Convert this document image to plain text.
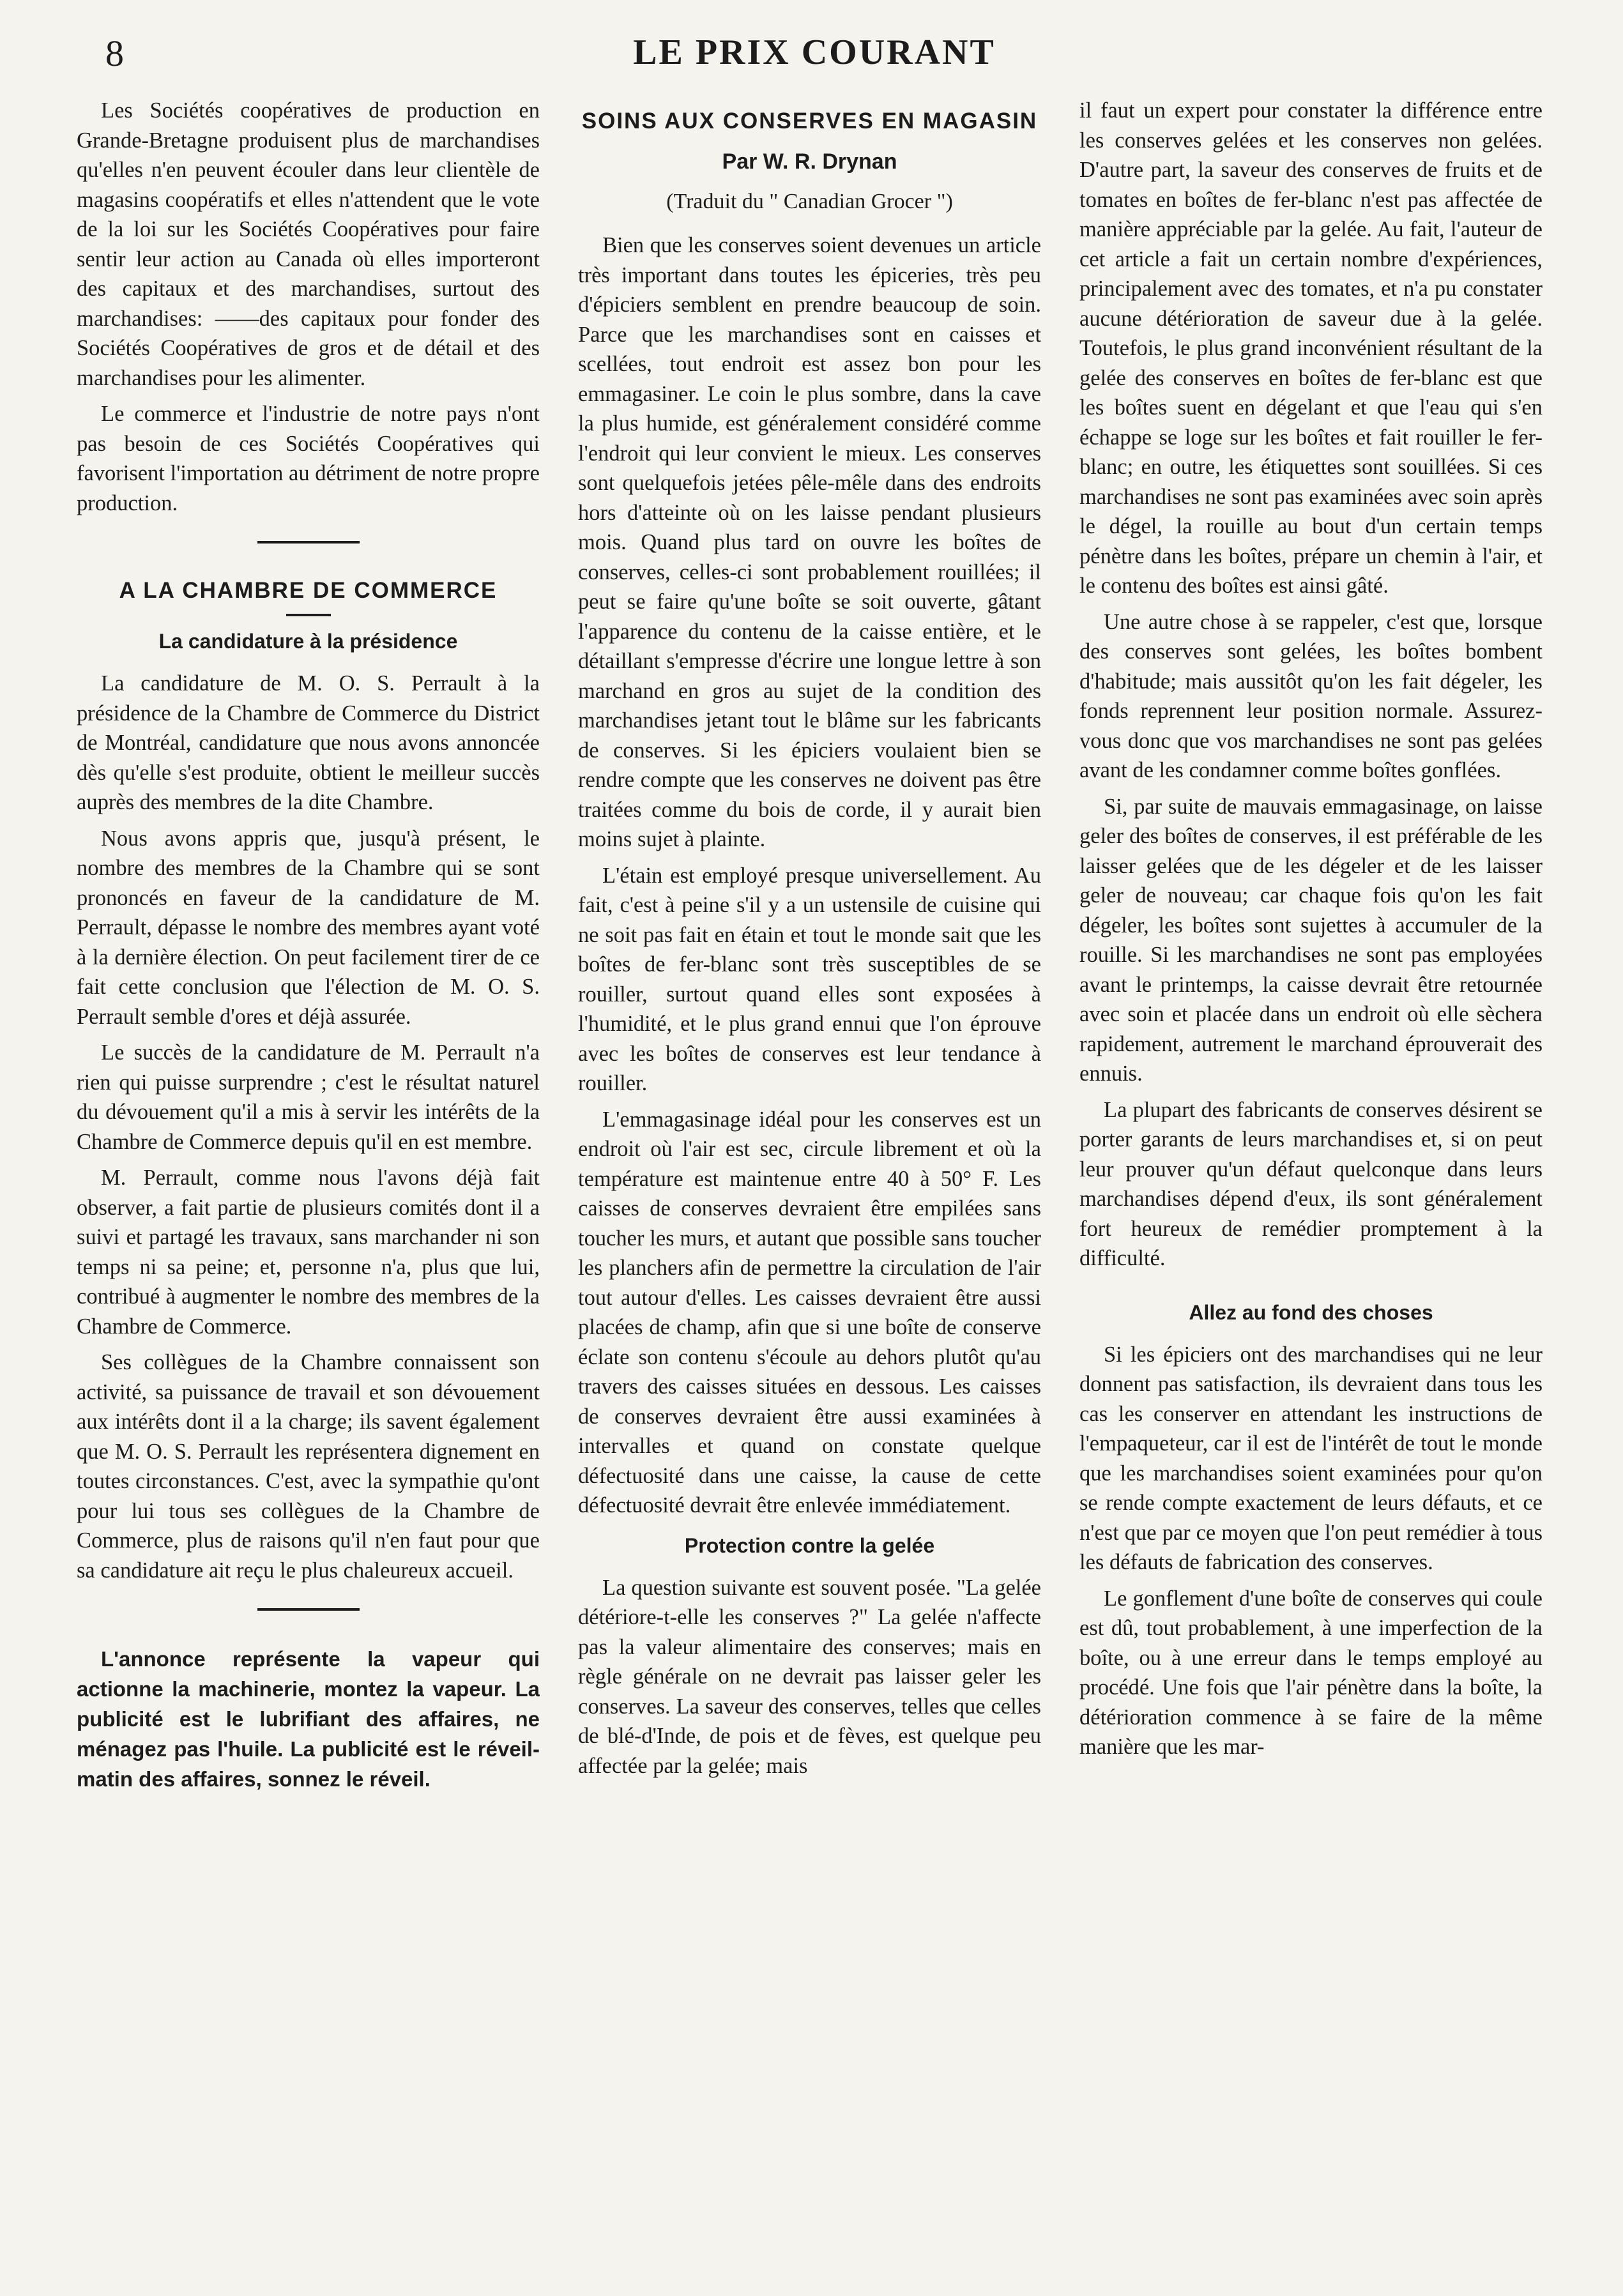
8	LE PRIX COURANT

Les Sociétés coopératives de production en Grande-Bretagne produisent plus de marchandises qu'elles n'en peuvent écouler dans leur clientèle de magasins coopératifs et elles n'attendent que le vote de la loi sur les Sociétés Coopératives pour faire sentir leur action au Canada où elles importeront des capitaux et des marchandises, surtout des marchandises: ——des capitaux pour fonder des Sociétés Coopératives de gros et de détail et des marchandises pour les alimenter.

Le commerce et l'industrie de notre pays n'ont pas besoin de ces Sociétés Coopératives qui favorisent l'importation au détriment de notre propre production.

A LA CHAMBRE DE COMMERCE
La candidature à la présidence

La candidature de M. O. S. Perrault à la présidence de la Chambre de Commerce du District de Montréal, candidature que nous avons annoncée dès qu'elle s'est produite, obtient le meilleur succès auprès des membres de la dite Chambre.

Nous avons appris que, jusqu'à présent, le nombre des membres de la Chambre qui se sont prononcés en faveur de la candidature de M. Perrault, dépasse le nombre des membres ayant voté à la dernière élection. On peut facilement tirer de ce fait cette conclusion que l'élection de M. O. S. Perrault semble d'ores et déjà assurée.

Le succès de la candidature de M. Perrault n'a rien qui puisse surprendre ; c'est le résultat naturel du dévouement qu'il a mis à servir les intérêts de la Chambre de Commerce depuis qu'il en est membre.

M. Perrault, comme nous l'avons déjà fait observer, a fait partie de plusieurs comités dont il a suivi et partagé les travaux, sans marchander ni son temps ni sa peine; et, personne n'a, plus que lui, contribué à augmenter le nombre des membres de la Chambre de Commerce.

Ses collègues de la Chambre connaissent son activité, sa puissance de travail et son dévouement aux intérêts dont il a la charge; ils savent également que M. O. S. Perrault les représentera dignement en toutes circonstances. C'est, avec la sympathie qu'ont pour lui tous ses collègues de la Chambre de Commerce, plus de raisons qu'il n'en faut pour que sa candidature ait reçu le plus chaleureux accueil.

L'annonce représente la vapeur qui actionne la machinerie, montez la vapeur. La publicité est le lubrifiant des affaires, ne ménagez pas l'huile. La publicité est le réveil-matin des affaires, sonnez le réveil.

SOINS AUX CONSERVES EN MAGASIN
Par W. R. Drynan
(Traduit du " Canadian Grocer ")

Bien que les conserves soient devenues un article très important dans toutes les épiceries, très peu d'épiciers semblent en prendre beaucoup de soin. Parce que les marchandises sont en caisses et scellées, tout endroit est assez bon pour les emmagasiner. Le coin le plus sombre, dans la cave la plus humide, est généralement considéré comme l'endroit qui leur convient le mieux. Les conserves sont quelquefois jetées pêle-mêle dans des endroits hors d'atteinte où on les laisse pendant plusieurs mois. Quand plus tard on ouvre les boîtes de conserves, celles-ci sont probablement rouillées; il peut se faire qu'une boîte se soit ouverte, gâtant l'apparence du contenu de la caisse entière, et le détaillant s'empresse d'écrire une longue lettre à son marchand en gros au sujet de la condition des marchandises jetant tout le blâme sur les fabricants de conserves. Si les épiciers voulaient bien se rendre compte que les conserves ne doivent pas être traitées comme du bois de corde, il y aurait bien moins sujet à plainte.

L'étain est employé presque universellement. Au fait, c'est à peine s'il y a un ustensile de cuisine qui ne soit pas fait en étain et tout le monde sait que les boîtes de fer-blanc sont très susceptibles de se rouiller, surtout quand elles sont exposées à l'humidité, et le plus grand ennui que l'on éprouve avec les boîtes de conserves est leur tendance à rouiller.

L'emmagasinage idéal pour les conserves est un endroit où l'air est sec, circule librement et où la température est maintenue entre 40 à 50° F. Les caisses de conserves devraient être empilées sans toucher les murs, et autant que possible sans toucher les planchers afin de permettre la circulation de l'air tout autour d'elles. Les caisses devraient être aussi placées de champ, afin que si une boîte de conserve éclate son contenu s'écoule au dehors plutôt qu'au travers des caisses situées en dessous. Les caisses de conserves devraient être aussi examinées à intervalles et quand on constate quelque défectuosité dans une caisse, la cause de cette défectuosité devrait être enlevée immédiatement.

Protection contre la gelée

La question suivante est souvent posée. "La gelée détériore-t-elle les conserves ?" La gelée n'affecte pas la valeur alimentaire des conserves; mais en règle générale on ne devrait pas laisser geler les conserves. La saveur des conserves, telles que celles de blé-d'Inde, de pois et de fèves, est quelque peu affectée par la gelée; mais

il faut un expert pour constater la différence entre les conserves gelées et les conserves non gelées. D'autre part, la saveur des conserves de fruits et de tomates en boîtes de fer-blanc n'est pas affectée de manière appréciable par la gelée. Au fait, l'auteur de cet article a fait un certain nombre d'expériences, principalement avec des tomates, et n'a pu constater aucune détérioration de saveur due à la gelée. Toutefois, le plus grand inconvénient résultant de la gelée des conserves en boîtes de fer-blanc est que les boîtes suent en dégelant et que l'eau qui s'en échappe se loge sur les boîtes et fait rouiller le fer-blanc; en outre, les étiquettes sont souillées. Si ces marchandises ne sont pas examinées avec soin après le dégel, la rouille au bout d'un certain temps pénètre dans les boîtes, prépare un chemin à l'air, et le contenu des boîtes est ainsi gâté.

Une autre chose à se rappeler, c'est que, lorsque des conserves sont gelées, les boîtes bombent d'habitude; mais aussitôt qu'on les fait dégeler, les fonds reprennent leur position normale. Assurez-vous donc que vos marchandises ne sont pas gelées avant de les condamner comme boîtes gonflées.

Si, par suite de mauvais emmagasinage, on laisse geler des boîtes de conserves, il est préférable de les laisser gelées que de les dégeler et de les laisser geler de nouveau; car chaque fois qu'on les fait dégeler, les boîtes sont sujettes à accumuler de la rouille. Si les marchandises ne sont pas employées avant le printemps, la caisse devrait être retournée avec soin et placée dans un endroit où elle sèchera rapidement, autrement le marchand éprouverait des ennuis.

La plupart des fabricants de conserves désirent se porter garants de leurs marchandises et, si on peut leur prouver qu'un défaut quelconque dans leurs marchandises dépend d'eux, ils sont généralement fort heureux de remédier promptement à la difficulté.

Allez au fond des choses

Si les épiciers ont des marchandises qui ne leur donnent pas satisfaction, ils devraient dans tous les cas les conserver en attendant les instructions de l'empaqueteur, car il est de l'intérêt de tout le monde que les marchandises soient examinées pour qu'on se rende compte exactement de leurs défauts, et ce n'est que par ce moyen que l'on peut remédier à tous les défauts de fabrication des conserves.

Le gonflement d'une boîte de conserves qui coule est dû, tout probablement, à une imperfection de la boîte, ou à une erreur dans le temps employé au procédé. Une fois que l'air pénètre dans la boîte, la détérioration commence à se faire de la même manière que les mar-
